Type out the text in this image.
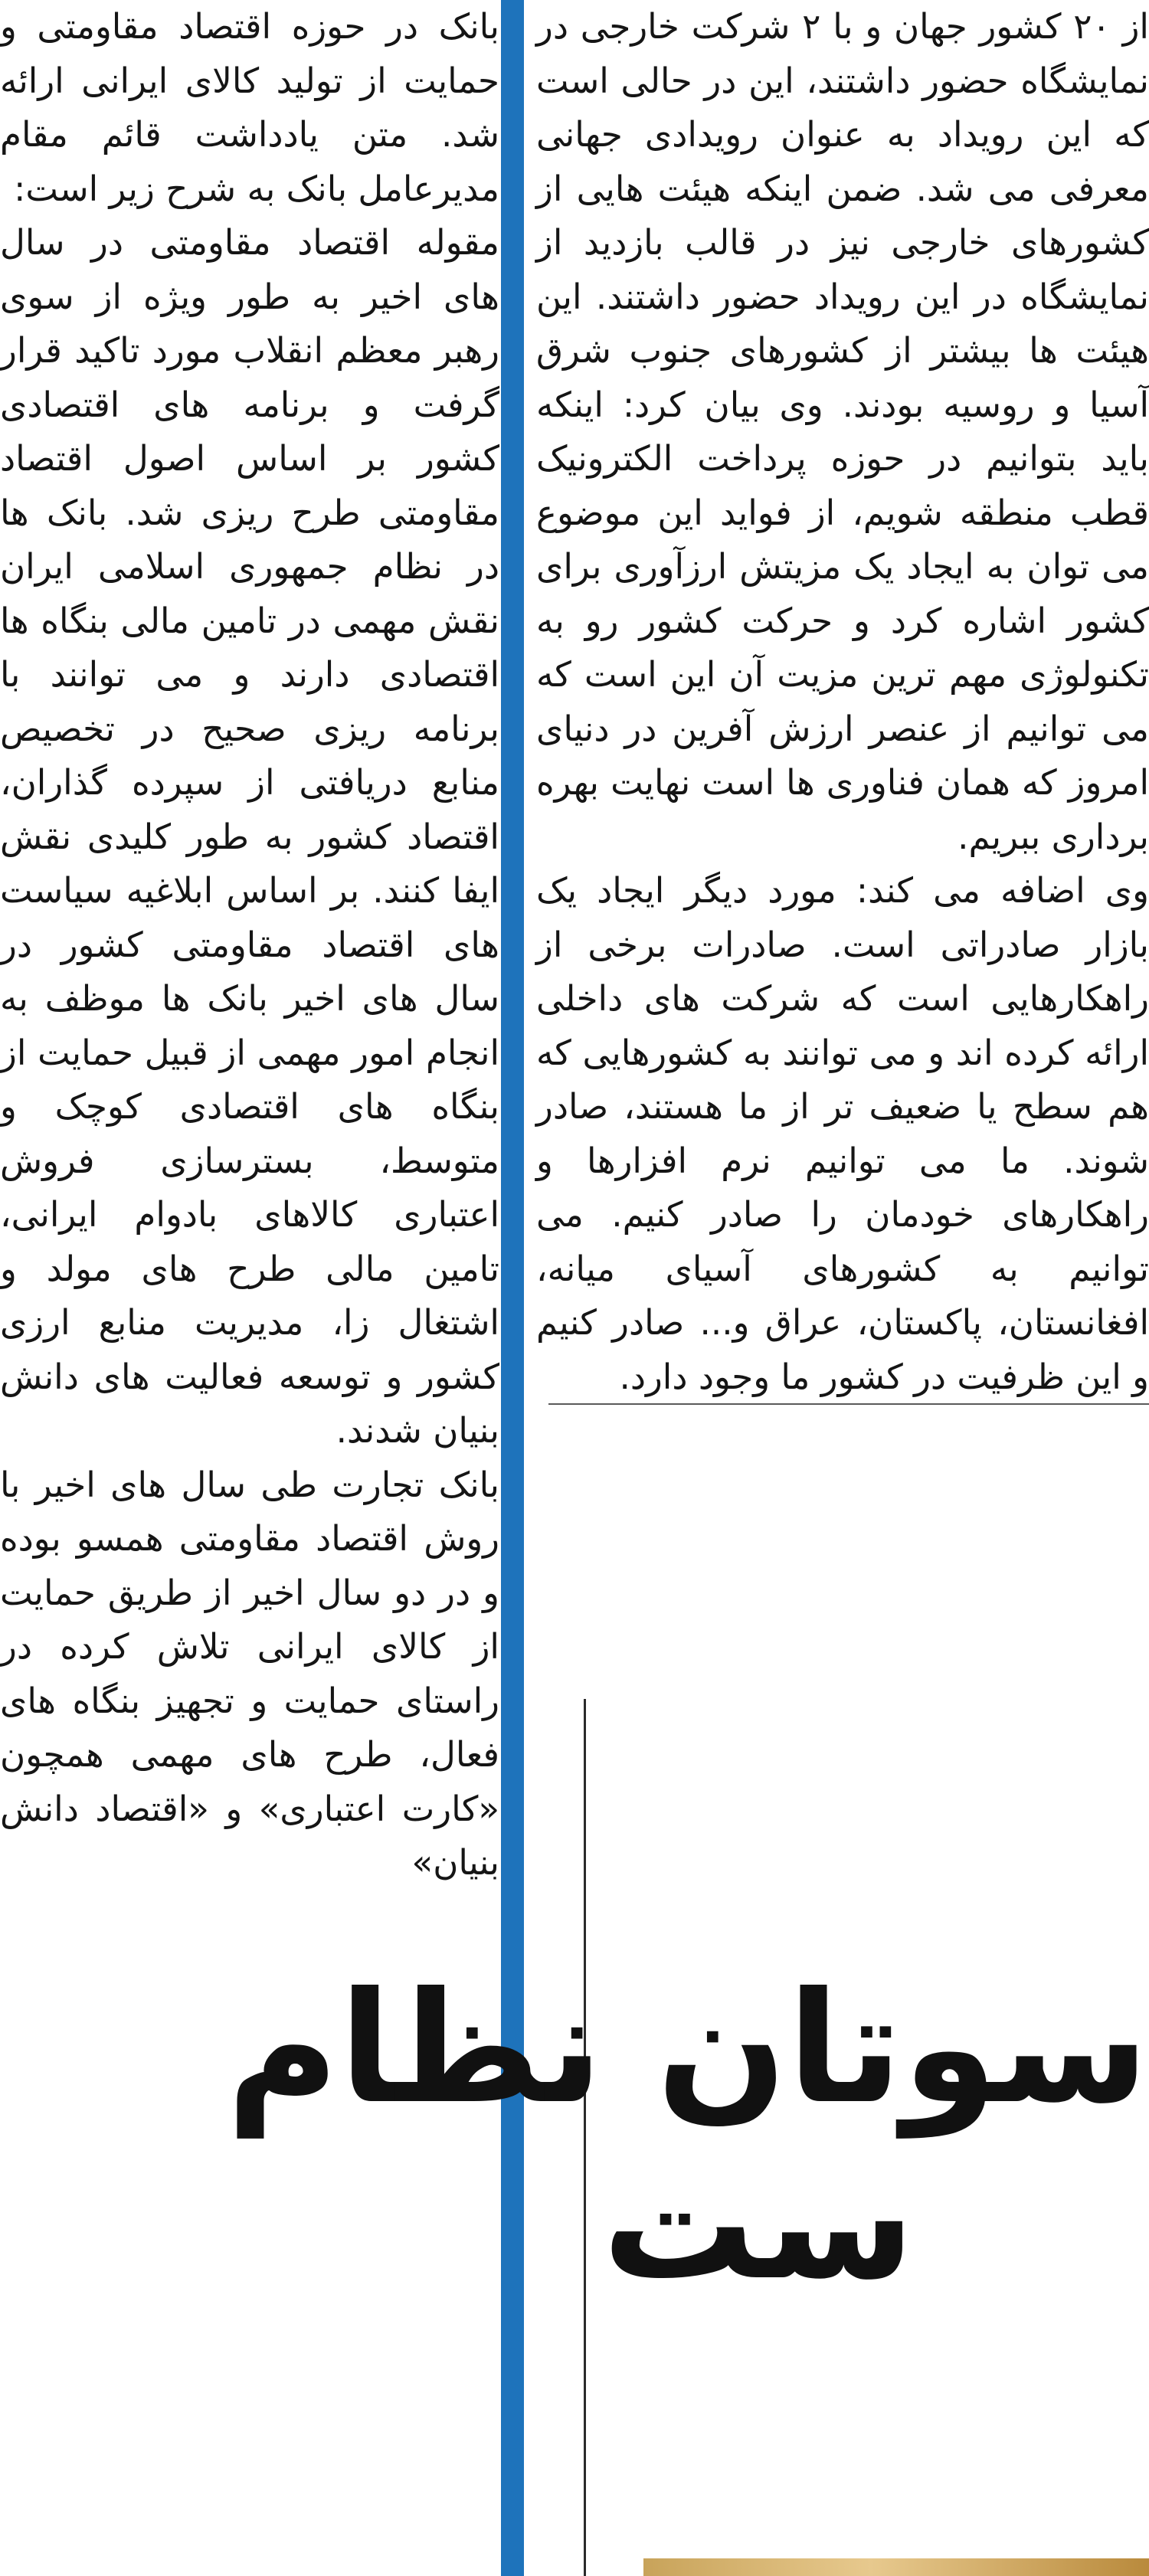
بانک در حوزه اقتصاد مقاومتی و حمایت از تولید کالای ایرانی ارائه شد. متن یادداشت قائم مقام مدیرعامل بانک به شرح زیر است:

مقوله اقتصاد مقاومتی در سال های اخیر به طور ویژه از سوی رهبر معظم انقلاب مورد تاکید قرار گرفت و برنامه های اقتصادی کشور بر اساس اصول اقتصاد مقاومتی طرح ریزی شد. بانک ها در نظام جمهوری اسلامی ایران نقش مهمی در تامین مالی بنگاه ها اقتصادی دارند و می توانند با برنامه ریزی صحیح در تخصیص منابع دریافتی از سپرده گذاران، اقتصاد کشور به طور کلیدی نقش ایفا کنند. بر اساس ابلاغیه سیاست های اقتصاد مقاومتی کشور در سال های اخیر بانک ها موظف به انجام امور مهمی از قبیل حمایت از بنگاه های اقتصادی کوچک و متوسط، بسترسازی فروش اعتباری کالاهای بادوام ایرانی، تامین مالی طرح های مولد و اشتغال زا، مدیریت منابع ارزی کشور و توسعه فعالیت های دانش بنیان شدند.

بانک تجارت طی سال های اخیر با روش اقتصاد مقاومتی همسو بوده و در دو سال اخیر از طریق حمایت از کالای ایرانی تلاش کرده در راستای حمایت و تجهیز بنگاه های فعال، طرح های مهمی همچون «کارت اعتباری» و «اقتصاد دانش بنیان»

از ۲۰ کشور جهان و با ۲ شرکت خارجی در نمایشگاه حضور داشتند، این در حالی است که این رویداد به عنوان رویدادی جهانی معرفی می شد. ضمن اینکه هیئت هایی از کشورهای خارجی نیز در قالب بازدید از نمایشگاه در این رویداد حضور داشتند. این هیئت ها بیشتر از کشورهای جنوب شرق آسیا و روسیه بودند. وی بیان کرد: اینکه باید بتوانیم در حوزه پرداخت الکترونیک قطب منطقه شویم، از فواید این موضوع می توان به ایجاد یک مزیتش ارزآوری برای کشور اشاره کرد و حرکت کشور رو به تکنولوژی مهم ترین مزیت آن این است که می توانیم از عنصر ارزش آفرین در دنیای امروز که همان فناوری ها است نهایت بهره برداری ببریم.

وی اضافه می کند: مورد دیگر ایجاد یک بازار صادراتی است. صادرات برخی از راهکارهایی است که شرکت های داخلی ارائه کرده اند و می توانند به کشورهایی که هم سطح یا ضعیف تر از ما هستند، صادر شوند. ما می توانیم نرم افزارها و راهکارهای خودمان را صادر کنیم. می توانیم به کشورهای آسیای میانه، افغانستان، پاکستان، عراق و... صادر کنیم و این ظرفیت در کشور ما وجود دارد.

سوتان نظام
ست
